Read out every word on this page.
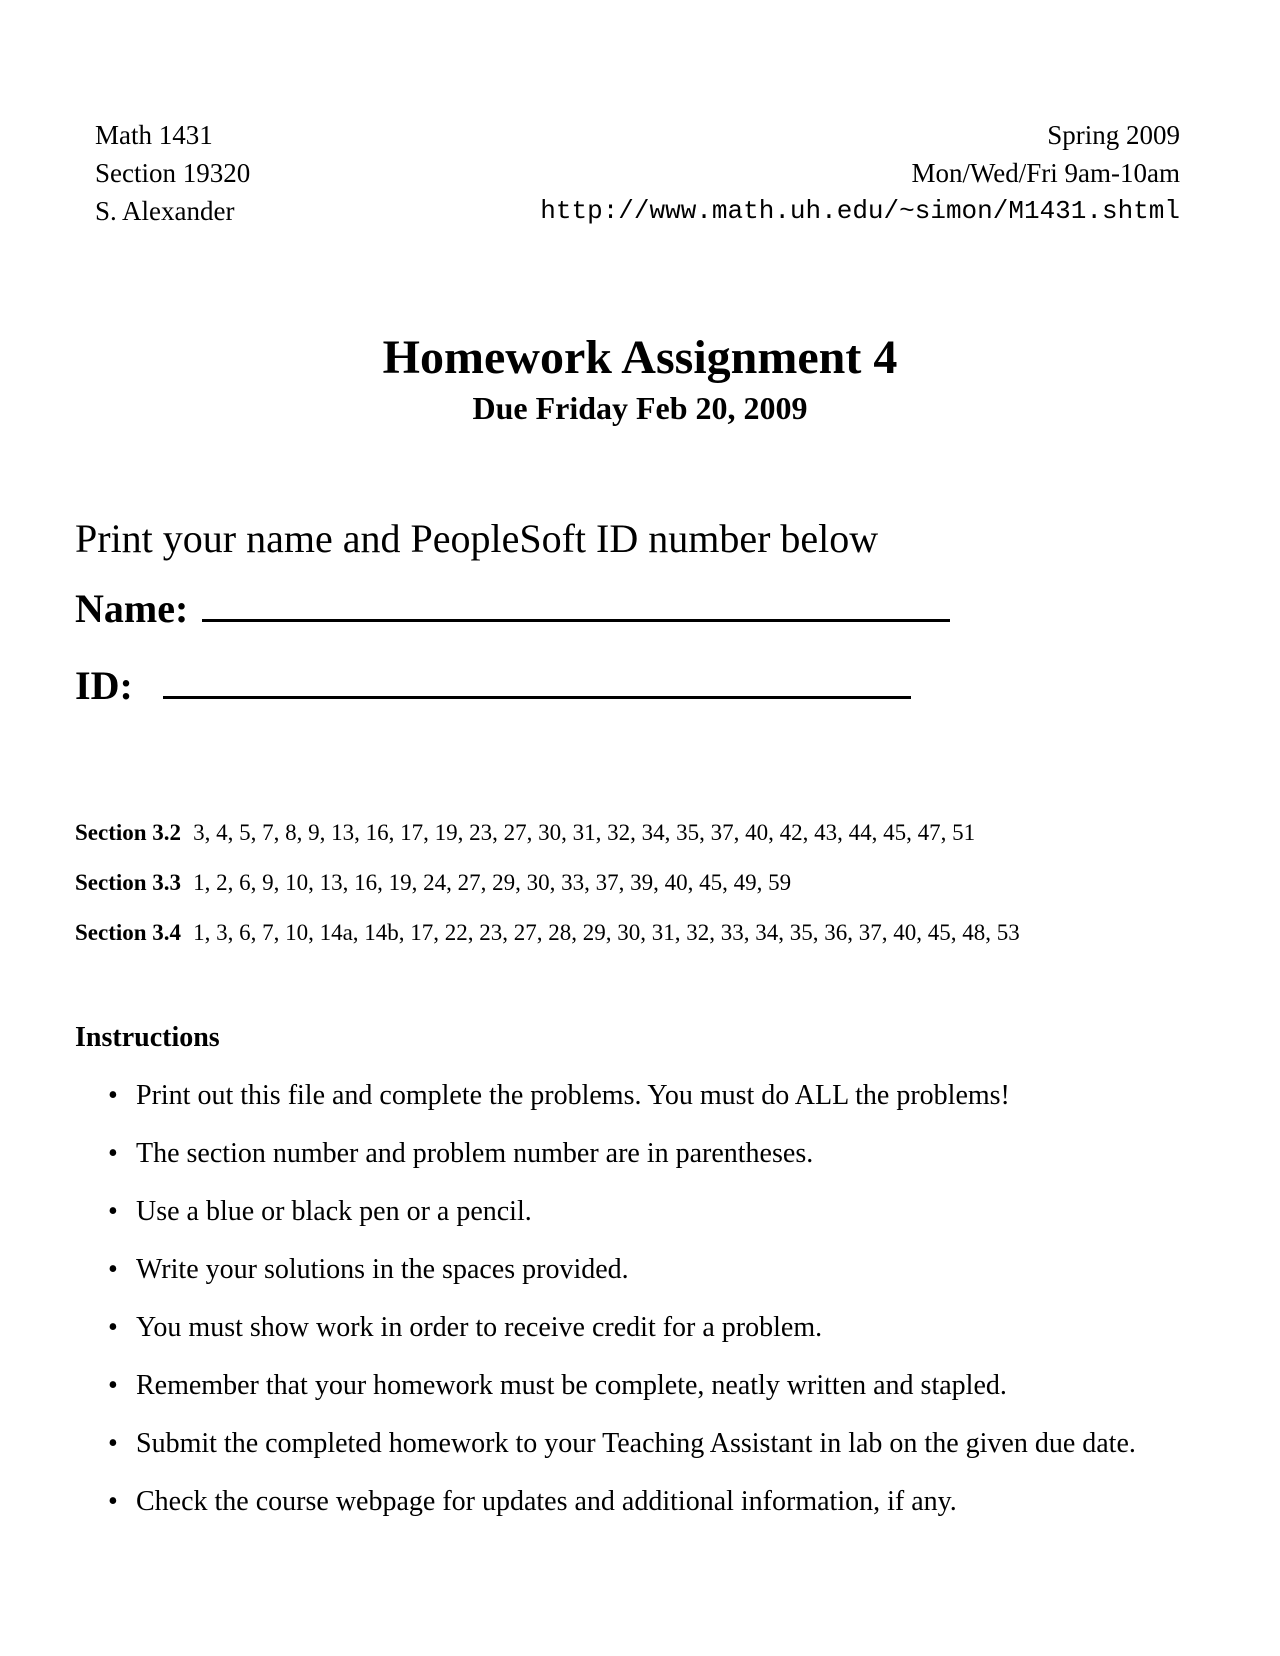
Math 1431
Section 19320
S. Alexander
Spring 2009
Mon/Wed/Fri 9am-10am
http://www.math.uh.edu/~simon/M1431.shtml
Homework Assignment 4
Due Friday Feb 20, 2009
Print your name and PeopleSoft ID number below
Name:
ID:
Section 3.2 3, 4, 5, 7, 8, 9, 13, 16, 17, 19, 23, 27, 30, 31, 32, 34, 35, 37, 40, 42, 43, 44, 45, 47, 51
Section 3.3 1, 2, 6, 9, 10, 13, 16, 19, 24, 27, 29, 30, 33, 37, 39, 40, 45, 49, 59
Section 3.4 1, 3, 6, 7, 10, 14a, 14b, 17, 22, 23, 27, 28, 29, 30, 31, 32, 33, 34, 35, 36, 37, 40, 45, 48, 53
Instructions
• Print out this file and complete the problems. You must do ALL the problems!
• The section number and problem number are in parentheses.
• Use a blue or black pen or a pencil.
• Write your solutions in the spaces provided.
• You must show work in order to receive credit for a problem.
• Remember that your homework must be complete, neatly written and stapled.
• Submit the completed homework to your Teaching Assistant in lab on the given due date.
• Check the course webpage for updates and additional information, if any.
